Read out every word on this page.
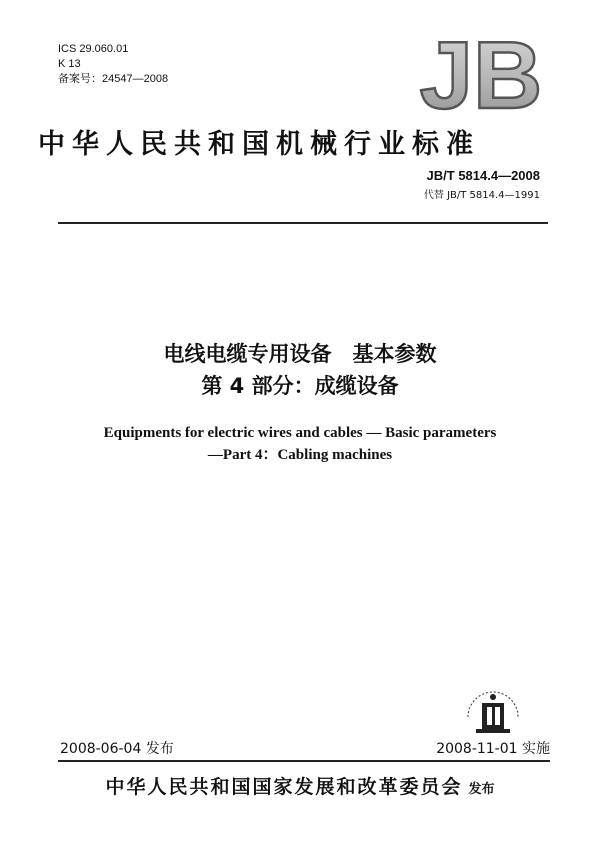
ICS 29.060.01
K 13
备案号：24547—2008	JB
中华人民共和国机械行业标准
JB/T 5814.4—2008
代替 JB/T 5814.4—1991
电线电缆专用设备　基本参数
第 4 部分：成缆设备
Equipments for electric wires and cables — Basic parameters
—Part 4：Cabling machines
2008-06-04 发布	2008-11-01 实施
中华人民共和国国家发展和改革委员会 发布
